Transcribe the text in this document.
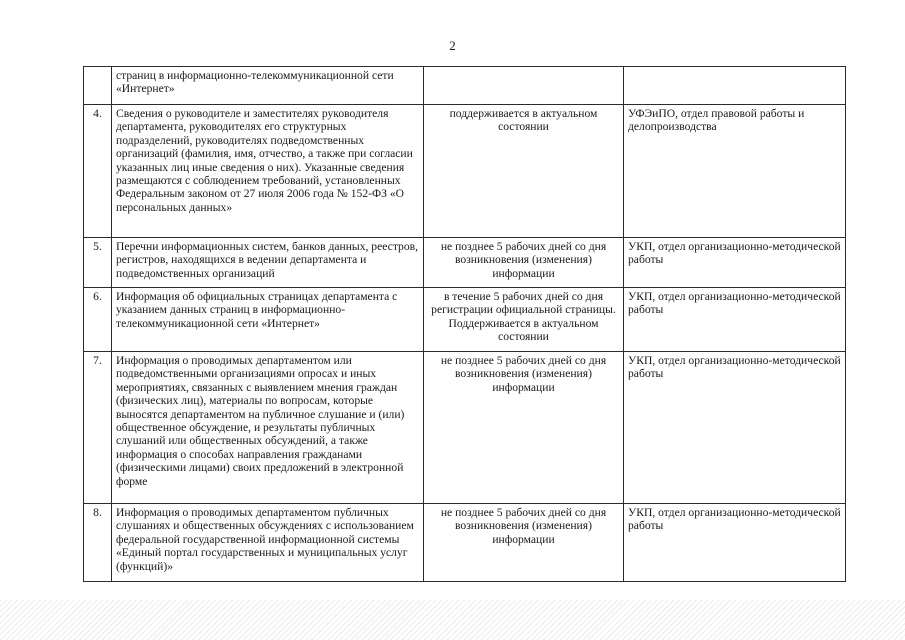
2
	страниц в информационно-телекоммуникационной сети «Интернет»		
4.	Сведения о руководителе и заместителях руководителя департамента, руководителях его структурных подразделений, руководителях подведомственных организаций (фамилия, имя, отчество, а также при согласии указанных лиц иные сведения о них). Указанные сведения размещаются с соблюдением требований, установленных Федеральным законом от 27 июля 2006 года № 152-ФЗ «О персональных данных»	поддерживается в актуальном состоянии	УФЭиПО, отдел правовой работы и делопроизводства
5.	Перечни информационных систем, банков данных, реестров, регистров, находящихся в ведении департамента и подведомственных организаций	не позднее 5 рабочих дней со дня возникновения (изменения) информации	УКП, отдел организационно-методической работы
6.	Информация об официальных страницах департамента с указанием данных страниц в информационно-телекоммуникационной сети «Интернет»	в течение 5 рабочих дней со дня регистрации официальной страницы. Поддерживается в актуальном состоянии	УКП, отдел организационно-методической работы
7.	Информация о проводимых департаментом или подведомственными организациями опросах и иных мероприятиях, связанных с выявлением мнения граждан (физических лиц), материалы по вопросам, которые выносятся департаментом на публичное слушание и (или) общественное обсуждение, и результаты публичных слушаний или общественных обсуждений, а также информация о способах направления гражданами (физическими лицами) своих предложений в электронной форме	не позднее 5 рабочих дней со дня возникновения (изменения) информации	УКП, отдел организационно-методической работы
8.	Информация о проводимых департаментом публичных слушаниях и общественных обсуждениях с использованием федеральной государственной информационной системы «Единый портал государственных и муниципальных услуг (функций)»	не позднее 5 рабочих дней со дня возникновения (изменения) информации	УКП, отдел организационно-методической работы
